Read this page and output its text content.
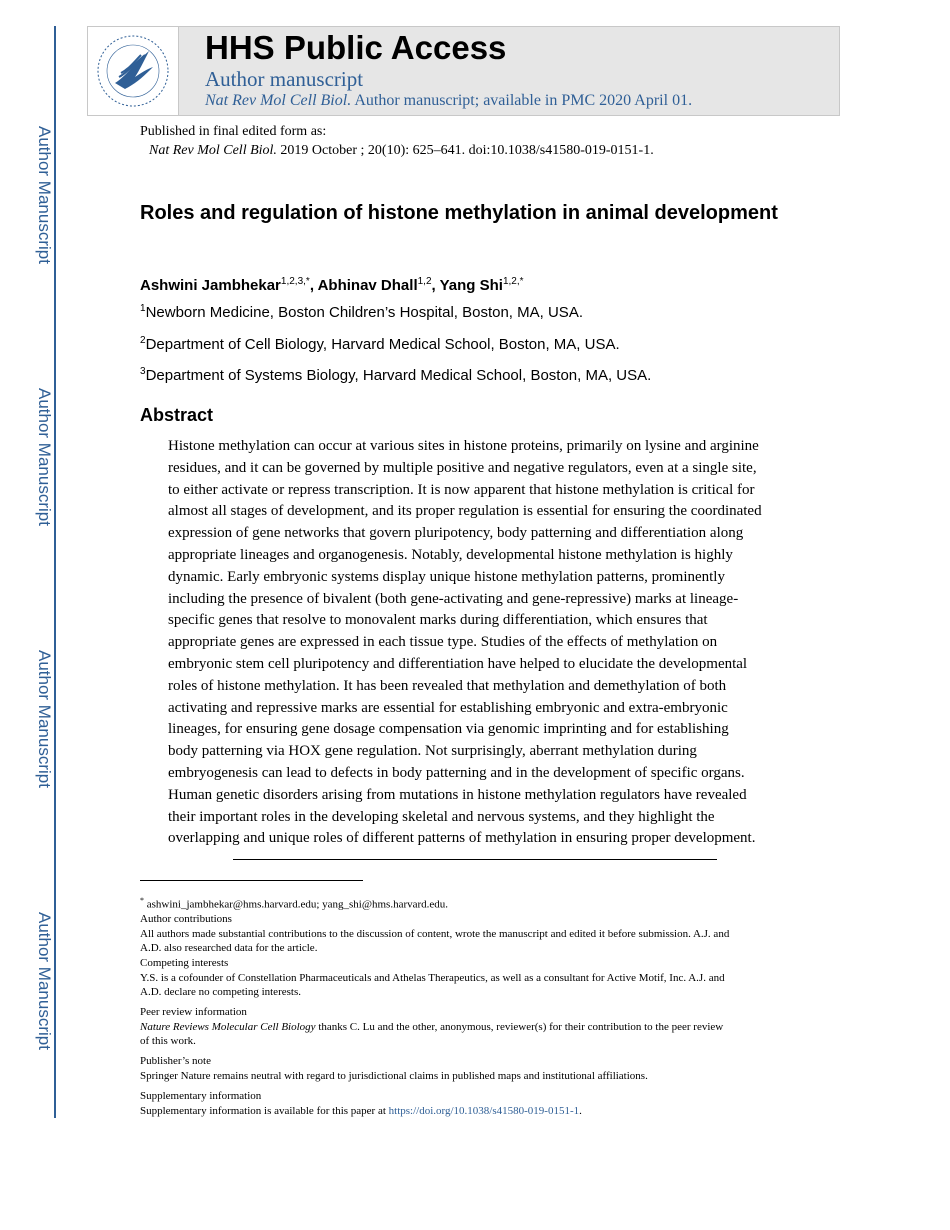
Author Manuscript
Author Manuscript
Author Manuscript
Author Manuscript
HHS Public Access
Author manuscript
Nat Rev Mol Cell Biol. Author manuscript; available in PMC 2020 April 01.
Published in final edited form as:
Nat Rev Mol Cell Biol. 2019 October ; 20(10): 625–641. doi:10.1038/s41580-019-0151-1.
Roles and regulation of histone methylation in animal development
Ashwini Jambhekar$^{1,2,3,*}$, Abhinav Dhall$^{1,2}$, Yang Shi$^{1,2,*}$
$^1$Newborn Medicine, Boston Children’s Hospital, Boston, MA, USA.
$^2$Department of Cell Biology, Harvard Medical School, Boston, MA, USA.
$^3$Department of Systems Biology, Harvard Medical School, Boston, MA, USA.
Abstract
Histone methylation can occur at various sites in histone proteins, primarily on lysine and arginine
residues, and it can be governed by multiple positive and negative regulators, even at a single site,
to either activate or repress transcription. It is now apparent that histone methylation is critical for
almost all stages of development, and its proper regulation is essential for ensuring the coordinated
expression of gene networks that govern pluripotency, body patterning and differentiation along
appropriate lineages and organogenesis. Notably, developmental histone methylation is highly
dynamic. Early embryonic systems display unique histone methylation patterns, prominently
including the presence of bivalent (both gene-activating and gene-repressive) marks at lineage-
specific genes that resolve to monovalent marks during differentiation, which ensures that
appropriate genes are expressed in each tissue type. Studies of the effects of methylation on
embryonic stem cell pluripotency and differentiation have helped to elucidate the developmental
roles of histone methylation. It has been revealed that methylation and demethylation of both
activating and repressive marks are essential for establishing embryonic and extra-embryonic
lineages, for ensuring gene dosage compensation via genomic imprinting and for establishing
body patterning via HOX gene regulation. Not surprisingly, aberrant methylation during
embryogenesis can lead to defects in body patterning and in the development of specific organs.
Human genetic disorders arising from mutations in histone methylation regulators have revealed
their important roles in the developing skeletal and nervous systems, and they highlight the
overlapping and unique roles of different patterns of methylation in ensuring proper development.
* ashwini_jambhekar@hms.harvard.edu; yang_shi@hms.harvard.edu.
Author contributions
All authors made substantial contributions to the discussion of content, wrote the manuscript and edited it before submission. A.J. and
A.D. also researched data for the article.
Competing interests
Y.S. is a cofounder of Constellation Pharmaceuticals and Athelas Therapeutics, as well as a consultant for Active Motif, Inc. A.J. and
A.D. declare no competing interests.
Peer review information
Nature Reviews Molecular Cell Biology thanks C. Lu and the other, anonymous, reviewer(s) for their contribution to the peer review
of this work.
Publisher’s note
Springer Nature remains neutral with regard to jurisdictional claims in published maps and institutional affiliations.
Supplementary information
Supplementary information is available for this paper at https://doi.org/10.1038/s41580-019-0151-1.
